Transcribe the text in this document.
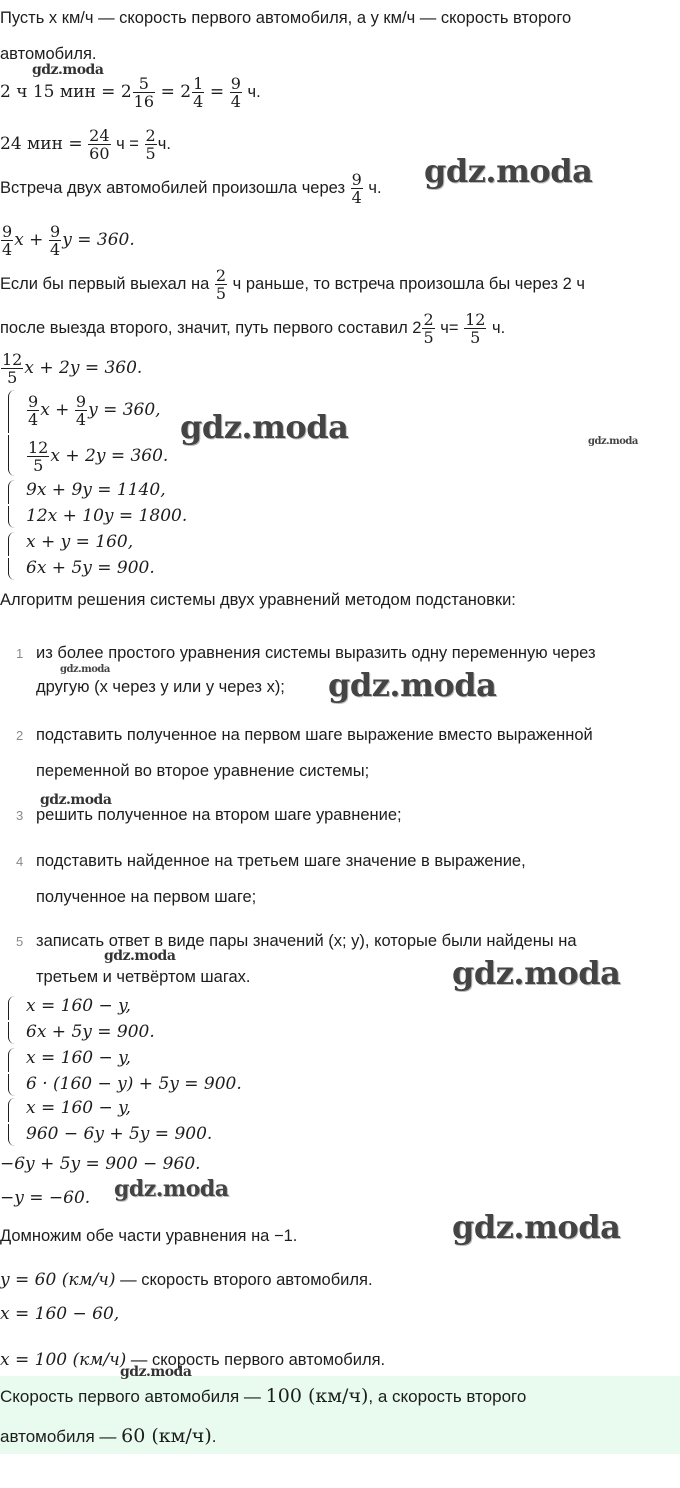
Пусть x км/ч — скорость первого автомобиля, а y км/ч — скорость второго
автомобиля.
2 ч 15 мин = $2 \frac{5}{16} = 2 \frac{1}{4} = \frac{9}{4} ч$.
24 мин = $\frac{24}{60}$ $ч = \frac{2}{5} ч$.
Встреча двух автомобилей произошла через $\frac{9}{4} ч$.
$\frac{9}{4}$ $x + \frac{9}{4}$ y = 360.
Если бы первый выехал на $\frac{2}{5}$ ч раньше, то встреча произошла бы через 2 ч
после выезда второго, значит, путь первого составил $2 \frac{2}{5} ч= \frac{12}{5} ч$.
$\frac{12}{5}$ x + 2y = 360.
$\frac{9}{4}$ $x + \frac{9}{4}$ y = 360,
$\frac{12}{5}$ x + 2y = 360.
9x + 9y = 1140,
12x + 10y = 1800.
x + y = 160,
6x + 5y = 900.
Алгоритм решения системы двух уравнений методом подстановки:
1 из более простого уравнения системы выразить одну переменную через
другую (x через y или y через x);
2 подставить полученное на первом шаге выражение вместо выраженной
переменной во второе уравнение системы;
3 решить полученное на втором шаге уравнение;
4 подставить найденное на третьем шаге значение в выражение,
полученное на первом шаге;
5 записать ответ в виде пары значений (x; y), которые были найдены на
третьем и четвёртом шагах.
x = 160 − y,
6x + 5y = 900.
x = 160 − y,
6 · (160 − y) + 5y = 900.
x = 160 − y,
960 − 6y + 5y = 900.
−6y + 5y = 900 − 960.
−y = −60.
Домножим обе части уравнения на −1.
y = 60 (км/ч) — скорость второго автомобиля.
x = 160 − 60,
x = 100 (км/ч) — скорость первого автомобиля.
Скорость первого автомобиля — 100 (км/ч), а скорость второго
автомобиля — 60 (км/ч).
gdz.moda
gdz.moda
gdz.moda	gdz.moda
gdz.moda	gdz.moda
gdz.moda
gdz.moda	gdz.moda
gdz.moda
gdz.moda
gdz.moda
